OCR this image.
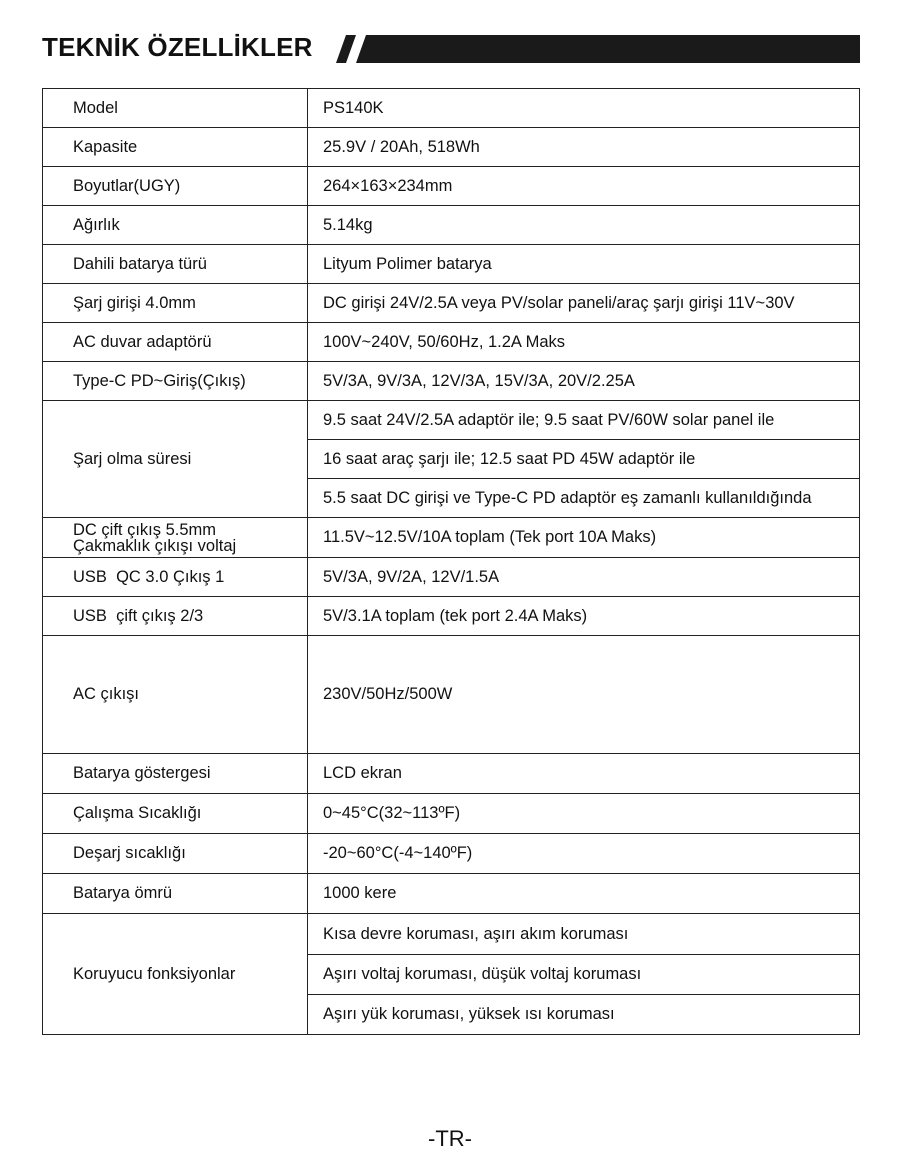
TEKNİK ÖZELLİKLER
Model	PS140K
Kapasite	25.9V / 20Ah, 518Wh
Boyutlar(UGY)	264×163×234mm
Ağırlık	5.14kg
Dahili batarya türü	Lityum Polimer batarya
Şarj girişi 4.0mm	DC girişi 24V/2.5A veya PV/solar paneli/araç şarjı girişi 11V~30V
AC duvar adaptörü	100V~240V, 50/60Hz, 1.2A Maks
Type-C PD~Giriş(Çıkış)	5V/3A, 9V/3A, 12V/3A, 15V/3A, 20V/2.25A
Şarj olma süresi	9.5 saat 24V/2.5A adaptör ile; 9.5 saat PV/60W solar panel ile
	16 saat araç şarjı ile; 12.5 saat PD 45W adaptör ile
	5.5 saat DC girişi ve Type-C PD adaptör eş zamanlı kullanıldığında

DC çift çıkış 5.5mm
Çakmaklık çıkışı voltaj	11.5V~12.5V/10A toplam (Tek port 10A Maks)
USB  QC 3.0 Çıkış 1	5V/3A, 9V/2A, 12V/1.5A
USB  çift çıkış 2/3	5V/3.1A toplam (tek port 2.4A Maks)
AC çıkışı	230V/50Hz/500W
Batarya göstergesi	LCD ekran
Çalışma Sıcaklığı	0~45°C(32~113ºF)
Deşarj sıcaklığı	-20~60°C(-4~140ºF)
Batarya ömrü	1000 kere
Koruyucu fonksiyonlar	Kısa devre koruması, aşırı akım koruması
	Aşırı voltaj koruması, düşük voltaj koruması
	Aşırı yük koruması, yüksek ısı koruması
-TR-
